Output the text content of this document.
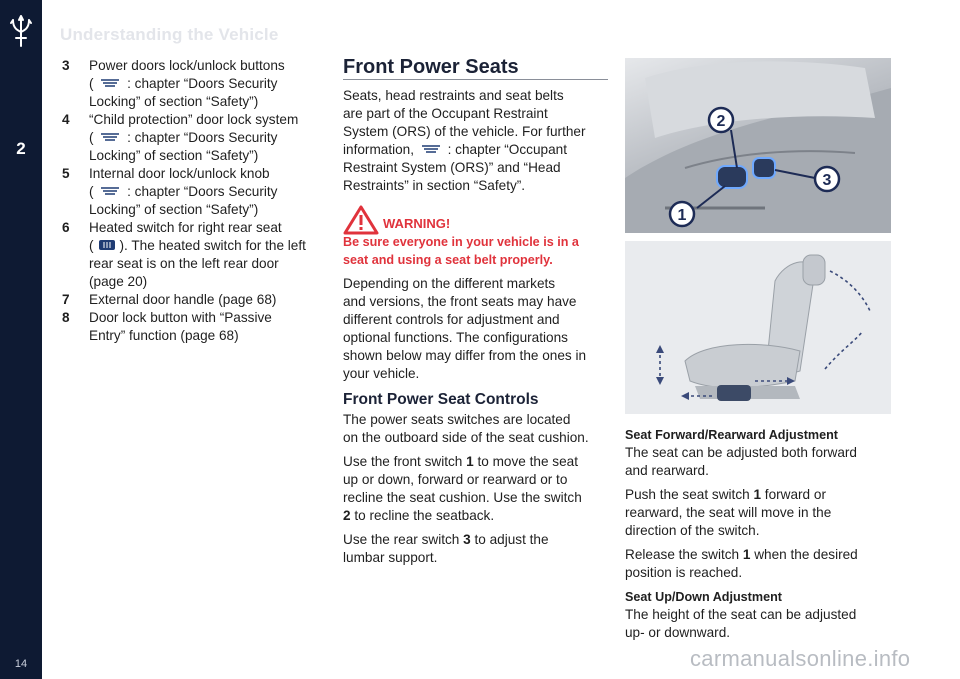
2
14
Understanding the Vehicle
3	Power doors lock/unlock buttons
(  : chapter “Doors Security
Locking” of section “Safety”)
4	“Child protection” door lock system
(  : chapter “Doors Security
Locking” of section “Safety”)
5	Internal door lock/unlock knob
(  : chapter “Doors Security
Locking” of section “Safety”)
6	Heated switch for right rear seat
( ). The heated switch for the left
rear seat is on the left rear door
(page 20)
7	External door handle (page 68)
8	Door lock button with “Passive
Entry” function (page 68)
Front Power Seats

Seats, head restraints and seat belts
are part of the Occupant Restraint
System (ORS) of the vehicle. For further
information, : chapter “Occupant
Restraint System (ORS)” and “Head
Restraints” in section “Safety”.

WARNING!

Be sure everyone in your vehicle is in a
seat and using a seat belt properly.

Depending on the different markets
and versions, the front seats may have
different controls for adjustment and
optional functions. The configurations
shown below may differ from the ones in
your vehicle.

Front Power Seat Controls

The power seats switches are located
on the outboard side of the seat cushion.

Use the front switch 1 to move the seat
up or down, forward or rearward or to
recline the seat cushion. Use the switch
2 to recline the seatback.

Use the rear switch 3 to adjust the
lumbar support.

2
3
1
Seat Forward/Rearward Adjustment

The seat can be adjusted both forward
and rearward.

Push the seat switch 1 forward or
rearward, the seat will move in the
direction of the switch.

Release the switch 1 when the desired
position is reached.

Seat Up/Down Adjustment

The height of the seat can be adjusted
up- or downward.

carmanualsonline.info
